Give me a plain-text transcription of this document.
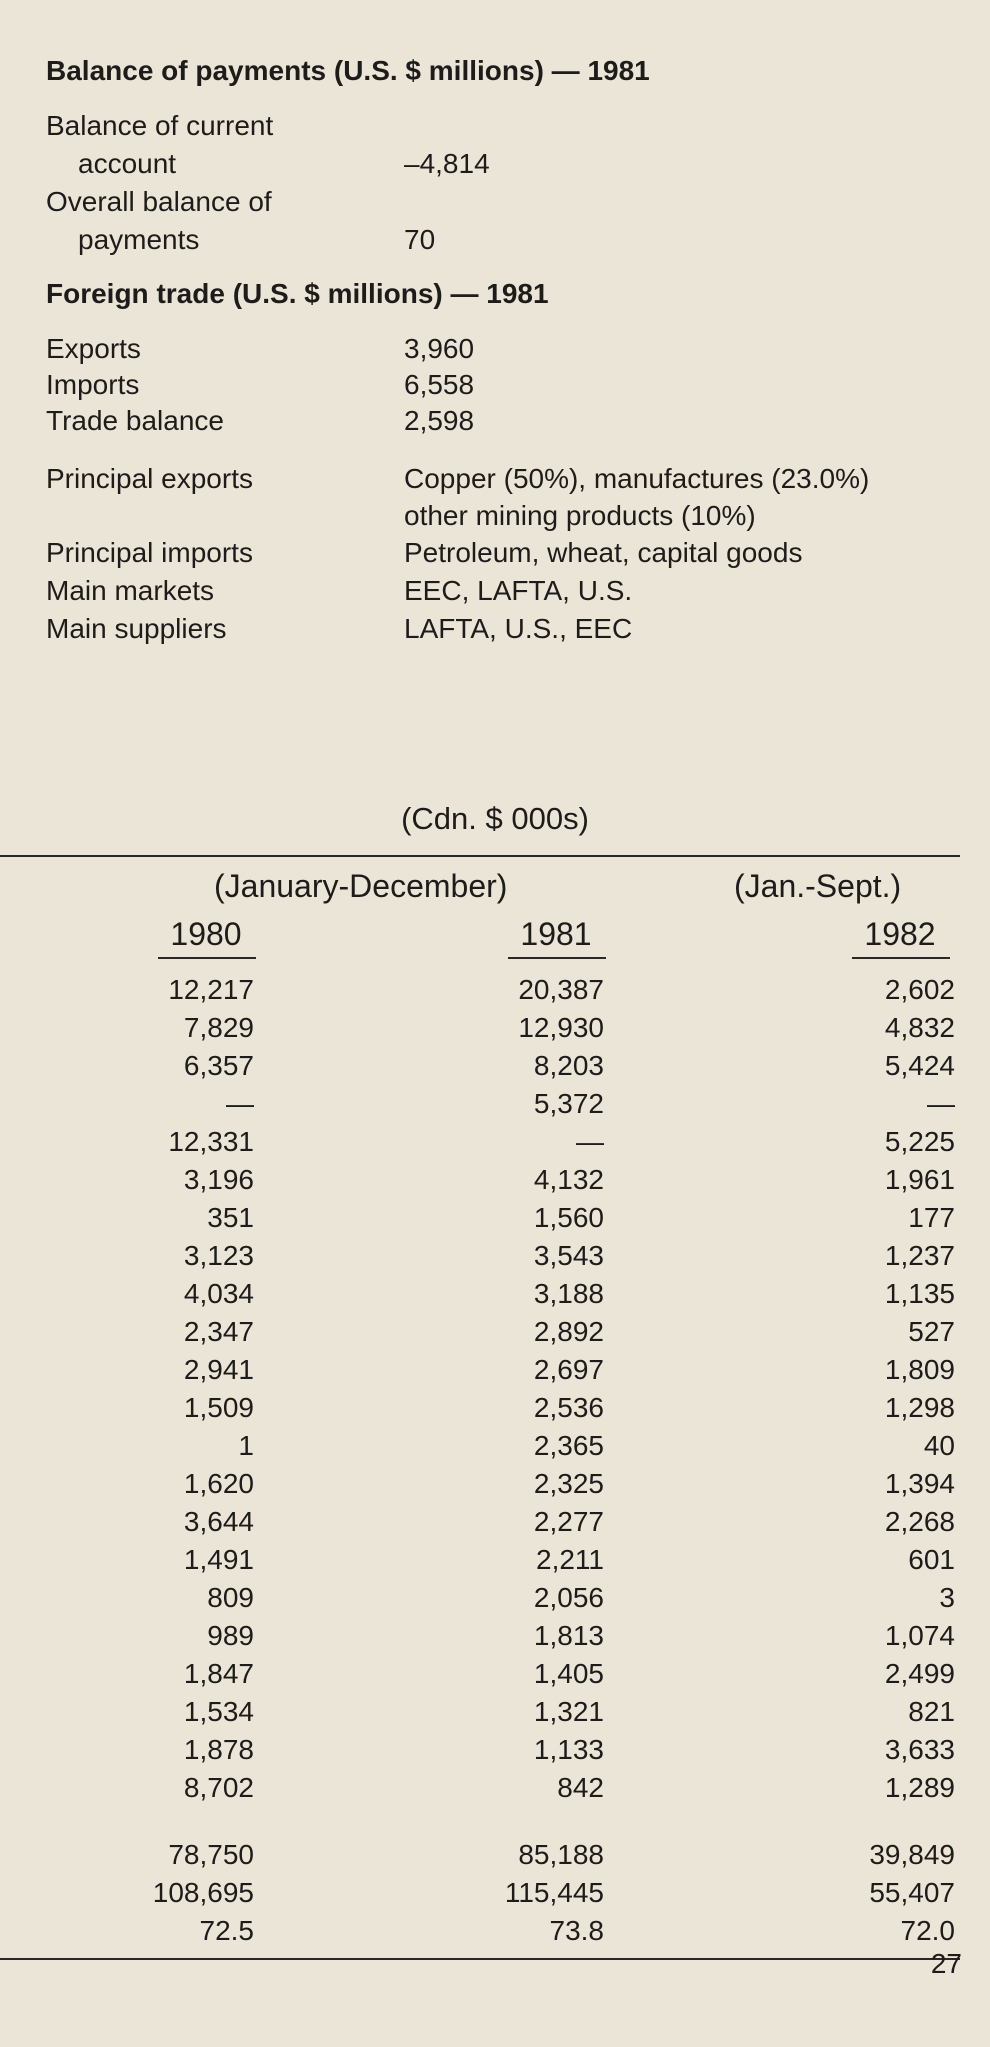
Balance of payments (U.S. $ millions) — 1981
Balance of current
account	–4,814
Overall balance of
payments	70
Foreign trade (U.S. $ millions) — 1981
Exports	3,960
Imports	6,558
Trade balance	2,598
Principal exports	Copper (50%), manufactures (23.0%)
other mining products (10%)
Principal imports	Petroleum, wheat, capital goods
Main markets	EEC, LAFTA, U.S.
Main suppliers	LAFTA, U.S., EEC
(Cdn. $ 000s)
(January-December)	(Jan.-Sept.)
1980	1981	1982
12,217	20,387	2,602
7,829	12,930	4,832
6,357	8,203	5,424
—	5,372	—
12,331	—	5,225
3,196	4,132	1,961
351	1,560	177
3,123	3,543	1,237
4,034	3,188	1,135
2,347	2,892	527
2,941	2,697	1,809
1,509	2,536	1,298
1	2,365	40
1,620	2,325	1,394
3,644	2,277	2,268
1,491	2,211	601
809	2,056	3
989	1,813	1,074
1,847	1,405	2,499
1,534	1,321	821
1,878	1,133	3,633
8,702	842	1,289
78,750	85,188	39,849
108,695	115,445	55,407
72.5	73.8	72.0
27
